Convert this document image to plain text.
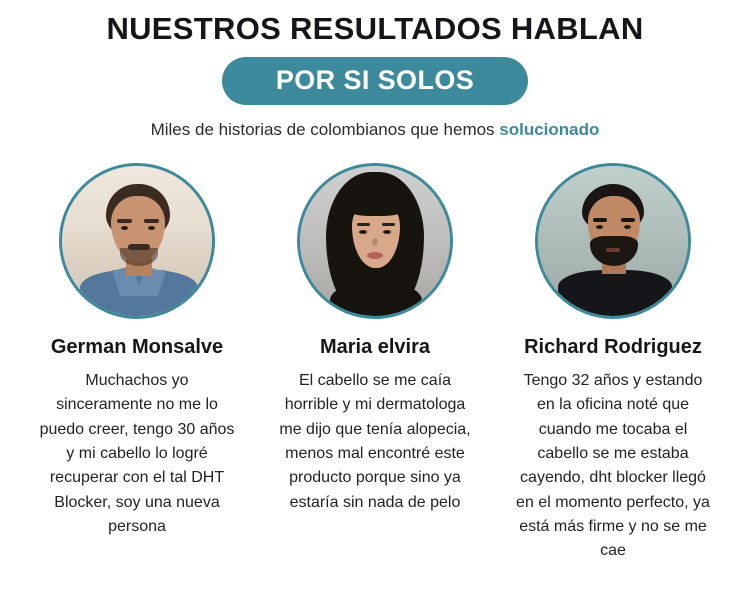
NUESTROS RESULTADOS HABLAN
POR SI SOLOS

Miles de historias de colombianos que hemos solucionado

German Monsalve
Muchachos yo sinceramente no me lo puedo creer, tengo 30 años y mi cabello lo logré recuperar con el tal DHT Blocker, soy una nueva persona
Maria elvira
El cabello se me caía horrible y mi dermatologa me dijo que tenía alopecia, menos mal encontré este producto porque sino ya estaría sin nada de pelo
Richard Rodriguez
Tengo 32 años y estando en la oficina noté que cuando me tocaba el cabello se me estaba cayendo, dht blocker llegó en el momento perfecto, ya está más firme y no se me cae
